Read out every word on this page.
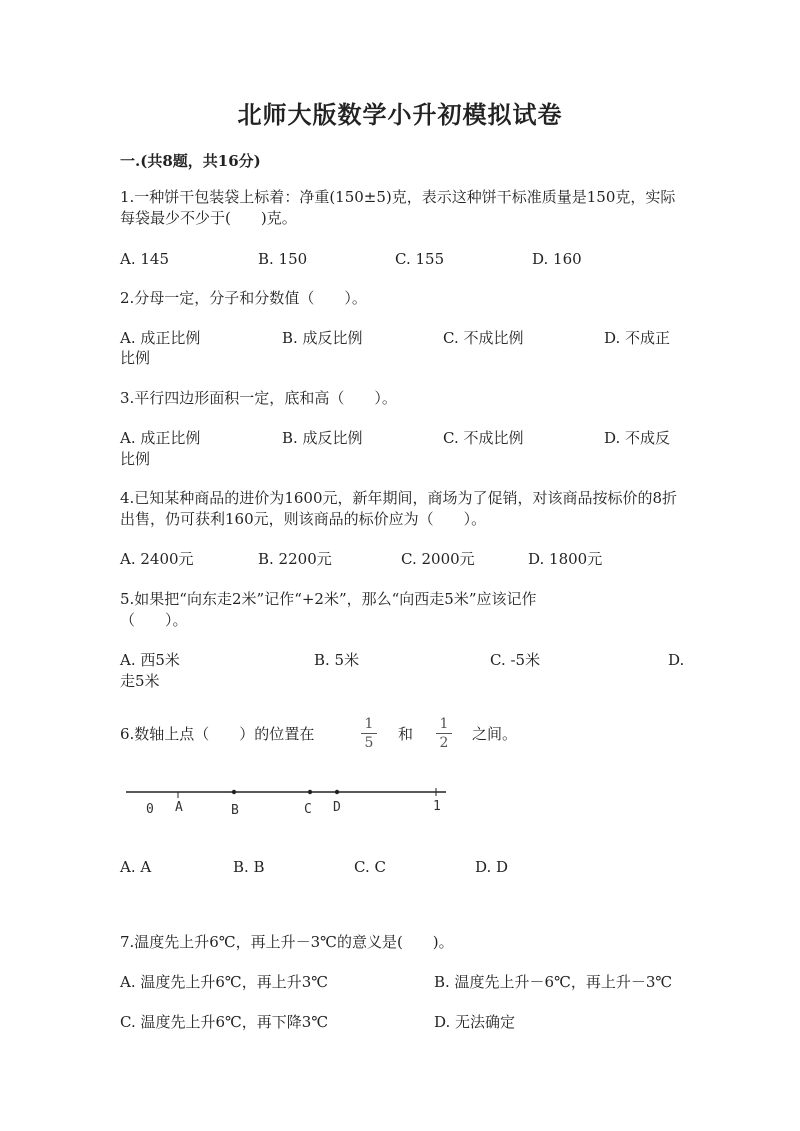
北师大版数学小升初模拟试卷
一.(共8题，共16分)
1.一种饼干包装袋上标着：净重(150±5)克，表示这种饼干标准质量是150克，实际每袋最少不少于(　　)克。
A. 145	B. 150	C. 155	D. 160
2.分母一定，分子和分数值（　　）。
A. 成正比例	B. 成反比例	C. 不成比例	D. 不成正
比例
3.平行四边形面积一定，底和高（　　）。
A. 成正比例	B. 成反比例	C. 不成比例	D. 不成反
比例
4.已知某种商品的进价为1600元，新年期间，商场为了促销，对该商品按标价的8折出售，仍可获利160元，则该商品的标价应为（　　）。
A. 2400元	B. 2200元	C. 2000元	D. 1800元
5.如果把“向东走2米”记作“+2米”，那么“向西走5米”应该记作
（　　）。
A. 西5米	B. 5米	C. -5米	D.
走5米
6.数轴上点（　　）的位置在
1
5 和
1
2 之间。
0 A	B	C D	1
A. A	B. B	C. C	D. D
7.温度先上升6℃，再上升－3℃的意义是(　　)。
A. 温度先上升6℃，再上升3℃	B. 温度先上升－6℃，再上升－3℃
C. 温度先上升6℃，再下降3℃	D. 无法确定
